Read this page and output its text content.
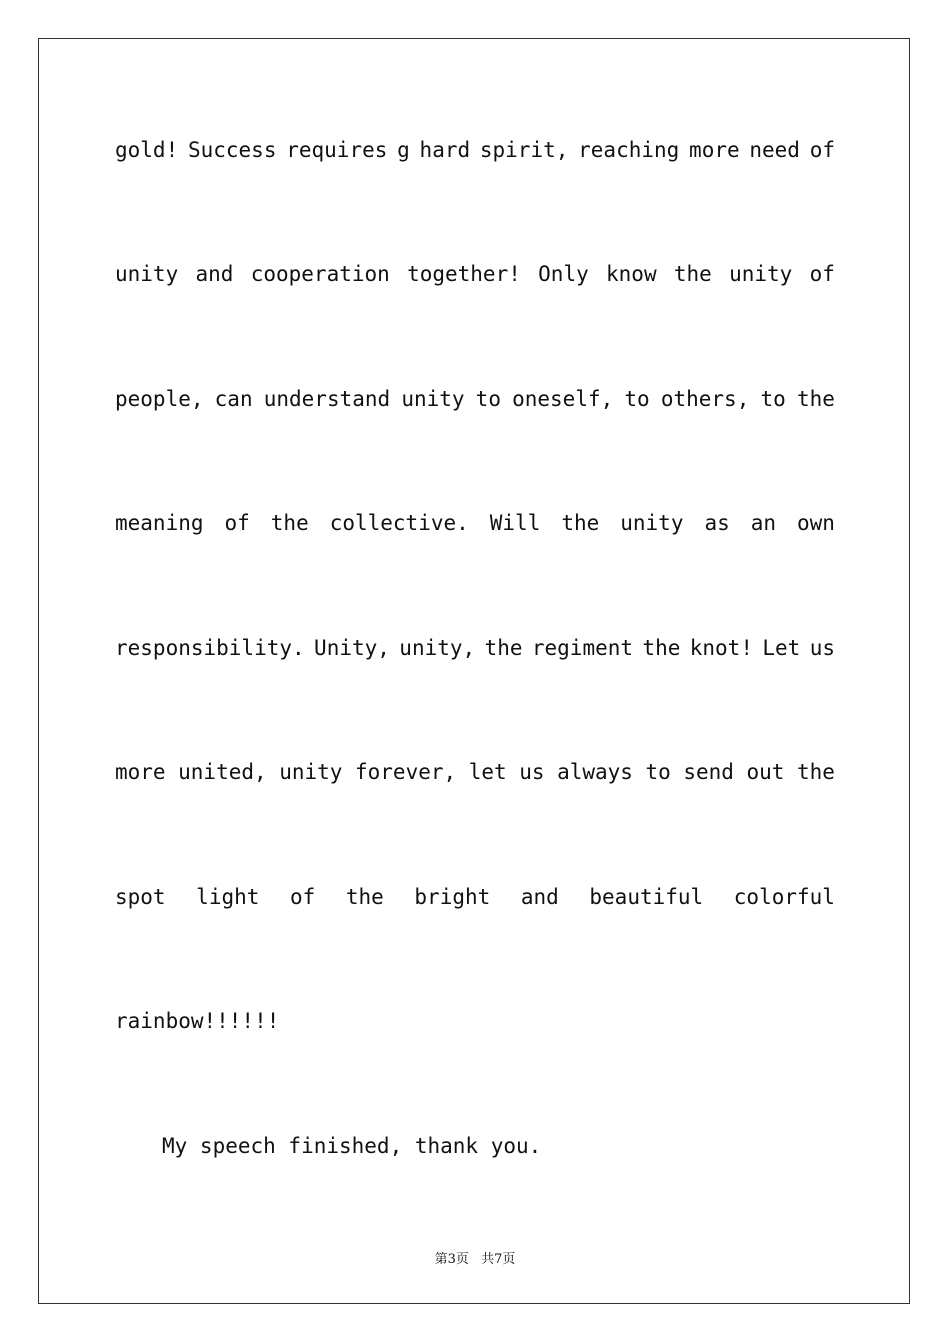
gold! Success requires g hard spirit, reaching more need of
unity and cooperation together! Only know the unity of
people, can understand unity to oneself, to others, to the
meaning of the collective. Will the unity as an own
responsibility. Unity, unity, the regiment the knot! Let us
more united, unity forever, let us always to send out the
spot light of the bright and beautiful colorful
rainbow!!!!!!
My speech finished, thank you.
第3页 共7页
